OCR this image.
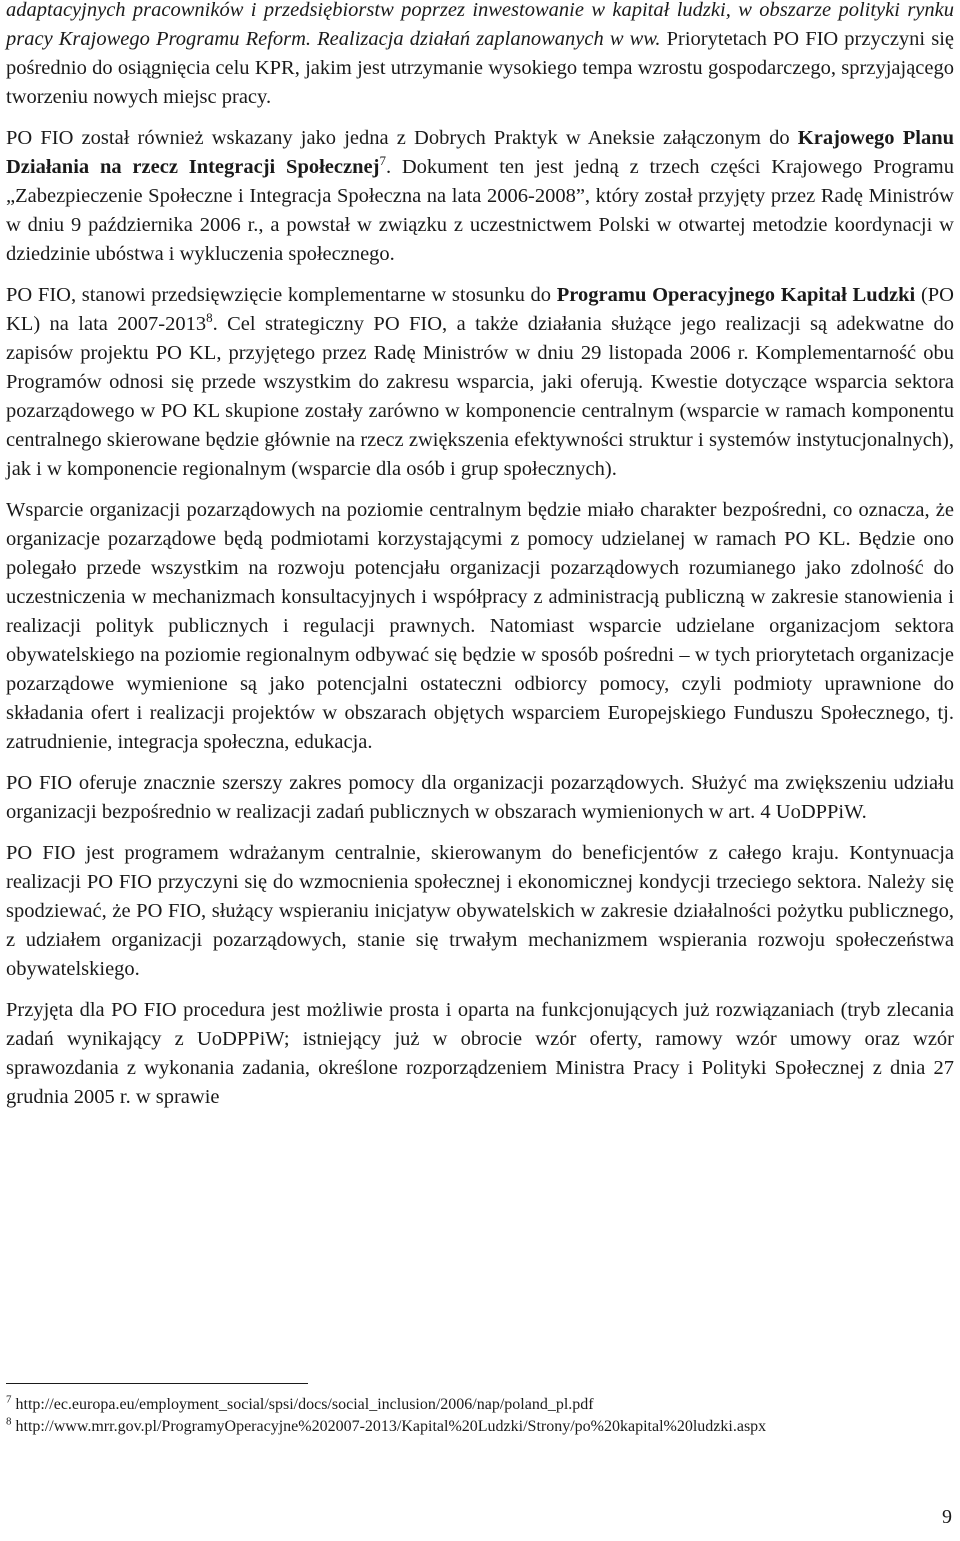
adaptacyjnych pracowników i przedsiębiorstw poprzez inwestowanie w kapitał ludzki, w obszarze polityki rynku pracy Krajowego Programu Reform. Realizacja działań zaplanowanych w ww. Priorytetach PO FIO przyczyni się pośrednio do osiągnięcia celu KPR, jakim jest utrzymanie wysokiego tempa wzrostu gospodarczego, sprzyjającego tworzeniu nowych miejsc pracy.

PO FIO został również wskazany jako jedna z Dobrych Praktyk w Aneksie załączonym do Krajowego Planu Działania na rzecz Integracji Społecznej$^7$. Dokument ten jest jedną z trzech części Krajowego Programu „Zabezpieczenie Społeczne i Integracja Społeczna na lata 2006-2008”, który został przyjęty przez Radę Ministrów w dniu 9 października 2006 r., a powstał w związku z uczestnictwem Polski w otwartej metodzie koordynacji w dziedzinie ubóstwa i wykluczenia społecznego.

PO FIO, stanowi przedsięwzięcie komplementarne w stosunku do Programu Operacyjnego Kapitał Ludzki (PO KL) na lata 2007-2013$^8$. Cel strategiczny PO FIO, a także działania służące jego realizacji są adekwatne do zapisów projektu PO KL, przyjętego przez Radę Ministrów w dniu 29 listopada 2006 r. Komplementarność obu Programów odnosi się przede wszystkim do zakresu wsparcia, jaki oferują. Kwestie dotyczące wsparcia sektora pozarządowego w PO KL skupione zostały zarówno w komponencie centralnym (wsparcie w ramach komponentu centralnego skierowane będzie głównie na rzecz zwiększenia efektywności struktur i systemów instytucjonalnych), jak i w komponencie regionalnym (wsparcie dla osób i grup społecznych).

Wsparcie organizacji pozarządowych na poziomie centralnym będzie miało charakter bezpośredni, co oznacza, że organizacje pozarządowe będą podmiotami korzystającymi z pomocy udzielanej w ramach PO KL. Będzie ono polegało przede wszystkim na rozwoju potencjału organizacji pozarządowych rozumianego jako zdolność do uczestniczenia w mechanizmach konsultacyjnych i współpracy z administracją publiczną w zakresie stanowienia i realizacji polityk publicznych i regulacji prawnych. Natomiast wsparcie udzielane organizacjom sektora obywatelskiego na poziomie regionalnym odbywać się będzie w sposób pośredni – w tych priorytetach organizacje pozarządowe wymienione są jako potencjalni ostateczni odbiorcy pomocy, czyli podmioty uprawnione do składania ofert i realizacji projektów w obszarach objętych wsparciem Europejskiego Funduszu Społecznego, tj. zatrudnienie, integracja społeczna, edukacja.

PO FIO oferuje znacznie szerszy zakres pomocy dla organizacji pozarządowych. Służyć ma zwiększeniu udziału organizacji bezpośrednio w realizacji zadań publicznych w obszarach wymienionych w art. 4 UoDPPiW.

PO FIO jest programem wdrażanym centralnie, skierowanym do beneficjentów z całego kraju. Kontynuacja realizacji PO FIO przyczyni się do wzmocnienia społecznej i ekonomicznej kondycji trzeciego sektora. Należy się spodziewać, że PO FIO, służący wspieraniu inicjatyw obywatelskich w zakresie działalności pożytku publicznego, z udziałem organizacji pozarządowych, stanie się trwałym mechanizmem wspierania rozwoju społeczeństwa obywatelskiego.

Przyjęta dla PO FIO procedura jest możliwie prosta i oparta na funkcjonujących już rozwiązaniach (tryb zlecania zadań wynikający z UoDPPiW; istniejący już w obrocie wzór oferty, ramowy wzór umowy oraz wzór sprawozdania z wykonania zadania, określone rozporządzeniem Ministra Pracy i Polityki Społecznej z dnia 27 grudnia 2005 r. w sprawie

$^7$ http://ec.europa.eu/employment_social/spsi/docs/social_inclusion/2006/nap/poland_pl.pdf
$^8$ http://www.mrr.gov.pl/ProgramyOperacyjne%202007-2013/Kapital%20Ludzki/Strony/po%20kapital%20ludzki.aspx
9
